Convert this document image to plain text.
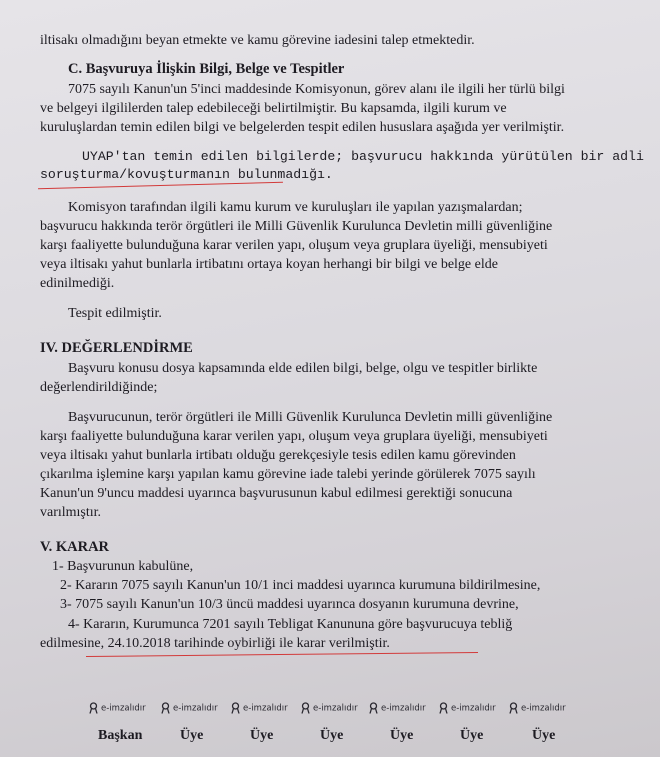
iltisakı olmadığını beyan etmekte ve kamu görevine iadesini talep etmektedir.
C. Başvuruya İlişkin Bilgi, Belge ve Tespitler
7075 sayılı Kanun'un 5'inci maddesinde Komisyonun, görev alanı ile ilgili her türlü bilgi
ve belgeyi ilgililerden talep edebileceği belirtilmiştir. Bu kapsamda, ilgili kurum ve
kuruluşlardan temin edilen bilgi ve belgelerden tespit edilen hususlara aşağıda yer verilmiştir.
UYAP'tan temin edilen bilgilerde; başvurucu hakkında yürütülen bir adli
soruşturma/kovuşturmanın bulunmadığı.
Komisyon tarafından ilgili kamu kurum ve kuruluşları ile yapılan yazışmalardan;
başvurucu hakkında terör örgütleri ile Milli Güvenlik Kurulunca Devletin milli güvenliğine
karşı faaliyette bulunduğuna karar verilen yapı, oluşum veya gruplara üyeliği, mensubiyeti
veya iltisakı yahut bunlarla irtibatını ortaya koyan herhangi bir bilgi ve belge elde
edinilmediği.
Tespit edilmiştir.
IV. DEĞERLENDİRME
Başvuru konusu dosya kapsamında elde edilen bilgi, belge, olgu ve tespitler birlikte
değerlendirildiğinde;
Başvurucunun, terör örgütleri ile Milli Güvenlik Kurulunca Devletin milli güvenliğine
karşı faaliyette bulunduğuna karar verilen yapı, oluşum veya gruplara üyeliği, mensubiyeti
veya iltisakı yahut bunlarla irtibatı olduğu gerekçesiyle tesis edilen kamu görevinden
çıkarılma işlemine karşı yapılan kamu görevine iade talebi yerinde görülerek 7075 sayılı
Kanun'un 9'uncu maddesi uyarınca başvurusunun kabul edilmesi gerektiği sonucuna
varılmıştır.
V. KARAR
1- Başvurunun kabulüne,
2- Kararın 7075 sayılı Kanun'un 10/1 inci maddesi uyarınca kurumuna bildirilmesine,
3- 7075 sayılı Kanun'un 10/3 üncü maddesi uyarınca dosyanın kurumuna devrine,
4- Kararın, Kurumunca 7201 sayılı Tebligat Kanununa göre başvurucuya tebliğ
edilmesine, 24.10.2018 tarihinde oybirliği ile karar verilmiştir.
e-imzalıdır	e-imzalıdır	e-imzalıdır	e-imzalıdır	e-imzalıdır	e-imzalıdır	e-imzalıdır
Başkan	Üye	Üye	Üye	Üye	Üye	Üye
